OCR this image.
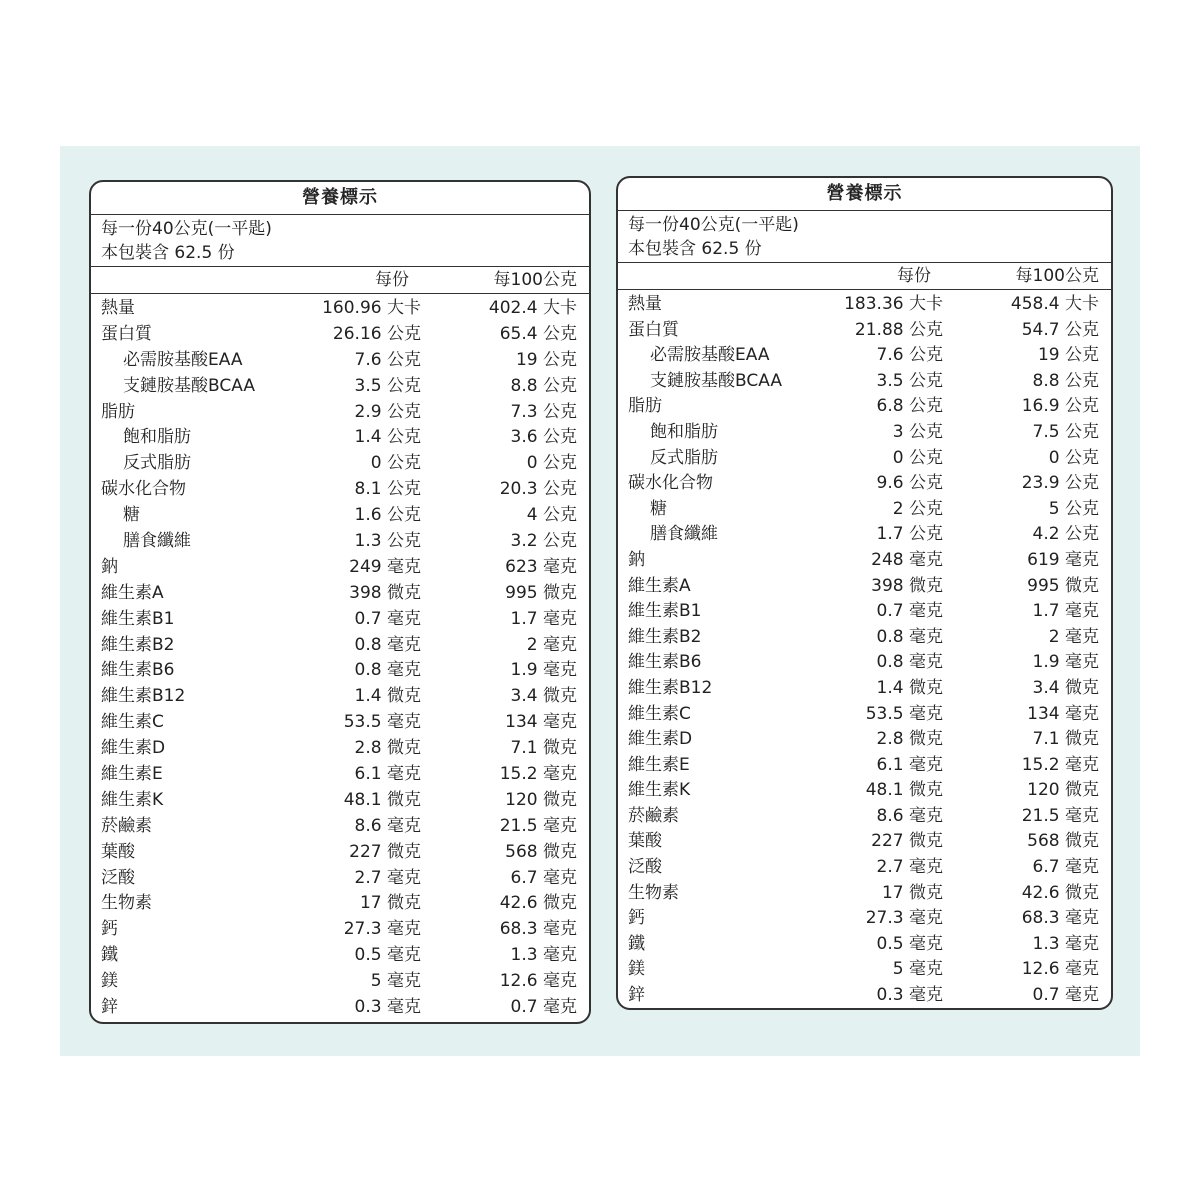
營養標示
每一份40公克(一平匙)
本包裝含 62.5 份
每份	每100公克
熱量	160.96 大卡	402.4 大卡
蛋白質	26.16 公克	65.4 公克
必需胺基酸EAA	7.6 公克	19 公克
支鏈胺基酸BCAA	3.5 公克	8.8 公克
脂肪	2.9 公克	7.3 公克
飽和脂肪	1.4 公克	3.6 公克
反式脂肪	0 公克	0 公克
碳水化合物	8.1 公克	20.3 公克
糖	1.6 公克	4 公克
膳食纖維	1.3 公克	3.2 公克
鈉	249 毫克	623 毫克
維生素A	398 微克	995 微克
維生素B1	0.7 毫克	1.7 毫克
維生素B2	0.8 毫克	2 毫克
維生素B6	0.8 毫克	1.9 毫克
維生素B12	1.4 微克	3.4 微克
維生素C	53.5 毫克	134 毫克
維生素D	2.8 微克	7.1 微克
維生素E	6.1 毫克	15.2 毫克
維生素K	48.1 微克	120 微克
菸鹼素	8.6 毫克	21.5 毫克
葉酸	227 微克	568 微克
泛酸	2.7 毫克	6.7 毫克
生物素	17 微克	42.6 微克
鈣	27.3 毫克	68.3 毫克
鐵	0.5 毫克	1.3 毫克
鎂	5 毫克	12.6 毫克
鋅	0.3 毫克	0.7 毫克
營養標示
每一份40公克(一平匙)
本包裝含 62.5 份
每份	每100公克
熱量	183.36 大卡	458.4 大卡
蛋白質	21.88 公克	54.7 公克
必需胺基酸EAA	7.6 公克	19 公克
支鏈胺基酸BCAA	3.5 公克	8.8 公克
脂肪	6.8 公克	16.9 公克
飽和脂肪	3 公克	7.5 公克
反式脂肪	0 公克	0 公克
碳水化合物	9.6 公克	23.9 公克
糖	2 公克	5 公克
膳食纖維	1.7 公克	4.2 公克
鈉	248 毫克	619 毫克
維生素A	398 微克	995 微克
維生素B1	0.7 毫克	1.7 毫克
維生素B2	0.8 毫克	2 毫克
維生素B6	0.8 毫克	1.9 毫克
維生素B12	1.4 微克	3.4 微克
維生素C	53.5 毫克	134 毫克
維生素D	2.8 微克	7.1 微克
維生素E	6.1 毫克	15.2 毫克
維生素K	48.1 微克	120 微克
菸鹼素	8.6 毫克	21.5 毫克
葉酸	227 微克	568 微克
泛酸	2.7 毫克	6.7 毫克
生物素	17 微克	42.6 微克
鈣	27.3 毫克	68.3 毫克
鐵	0.5 毫克	1.3 毫克
鎂	5 毫克	12.6 毫克
鋅	0.3 毫克	0.7 毫克
